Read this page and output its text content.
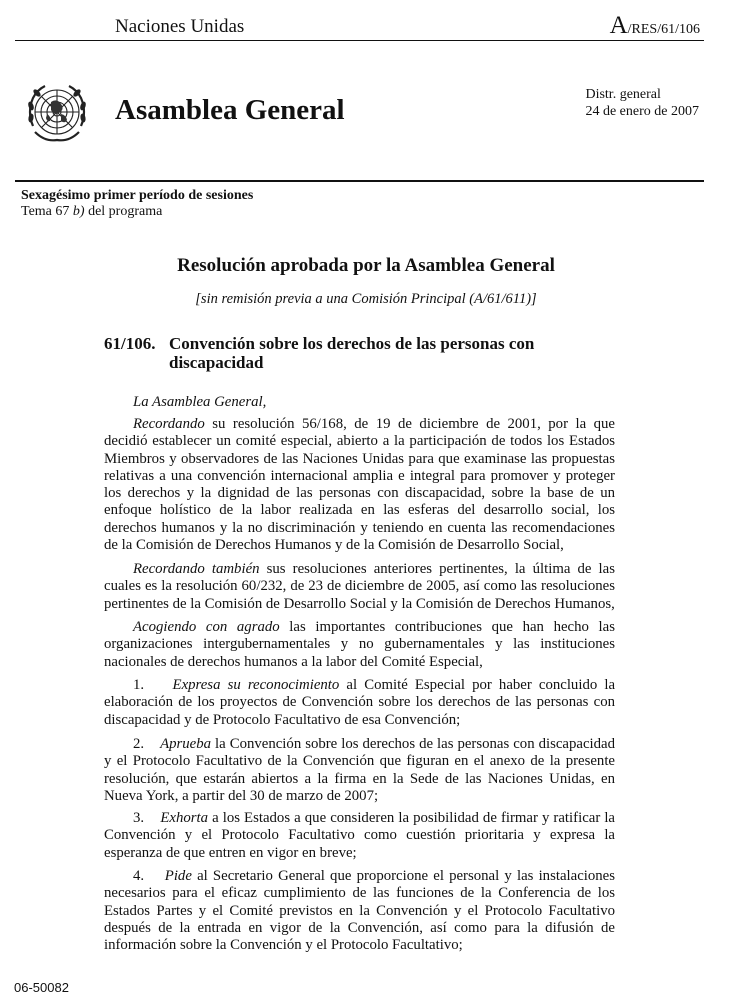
Naciones Unidas	A/RES/61/106
Asamblea General	Distr. general
24 de enero de 2007
Sexagésimo primer período de sesiones
Tema 67 b) del programa
Resolución aprobada por la Asamblea General
[sin remisión previa a una Comisión Principal (A/61/611)]
61/106. Convención sobre los derechos de las personas con discapacidad

La Asamblea General,

Recordando su resolución 56/168, de 19 de diciembre de 2001, por la que decidió establecer un comité especial, abierto a la participación de todos los Estados Miembros y observadores de las Naciones Unidas para que examinase las propuestas relativas a una convención internacional amplia e integral para promover y proteger los derechos y la dignidad de las personas con discapacidad, sobre la base de un enfoque holístico de la labor realizada en las esferas del desarrollo social, los derechos humanos y la no discriminación y teniendo en cuenta las recomendaciones de la Comisión de Derechos Humanos y de la Comisión de Desarrollo Social,

Recordando también sus resoluciones anteriores pertinentes, la última de las cuales es la resolución 60/232, de 23 de diciembre de 2005, así como las resoluciones pertinentes de la Comisión de Desarrollo Social y la Comisión de Derechos Humanos,

Acogiendo con agrado las importantes contribuciones que han hecho las organizaciones intergubernamentales y no gubernamentales y las instituciones nacionales de derechos humanos a la labor del Comité Especial,

1. Expresa su reconocimiento al Comité Especial por haber concluido la elaboración de los proyectos de Convención sobre los derechos de las personas con discapacidad y de Protocolo Facultativo de esa Convención;

2. Aprueba la Convención sobre los derechos de las personas con discapacidad y el Protocolo Facultativo de la Convención que figuran en el anexo de la presente resolución, que estarán abiertos a la firma en la Sede de las Naciones Unidas, en Nueva York, a partir del 30 de marzo de 2007;

3. Exhorta a los Estados a que consideren la posibilidad de firmar y ratificar la Convención y el Protocolo Facultativo como cuestión prioritaria y expresa la esperanza de que entren en vigor en breve;

4. Pide al Secretario General que proporcione el personal y las instalaciones necesarios para el eficaz cumplimiento de las funciones de la Conferencia de los Estados Partes y el Comité previstos en la Convención y el Protocolo Facultativo después de la entrada en vigor de la Convención, así como para la difusión de información sobre la Convención y el Protocolo Facultativo;

06-50082
